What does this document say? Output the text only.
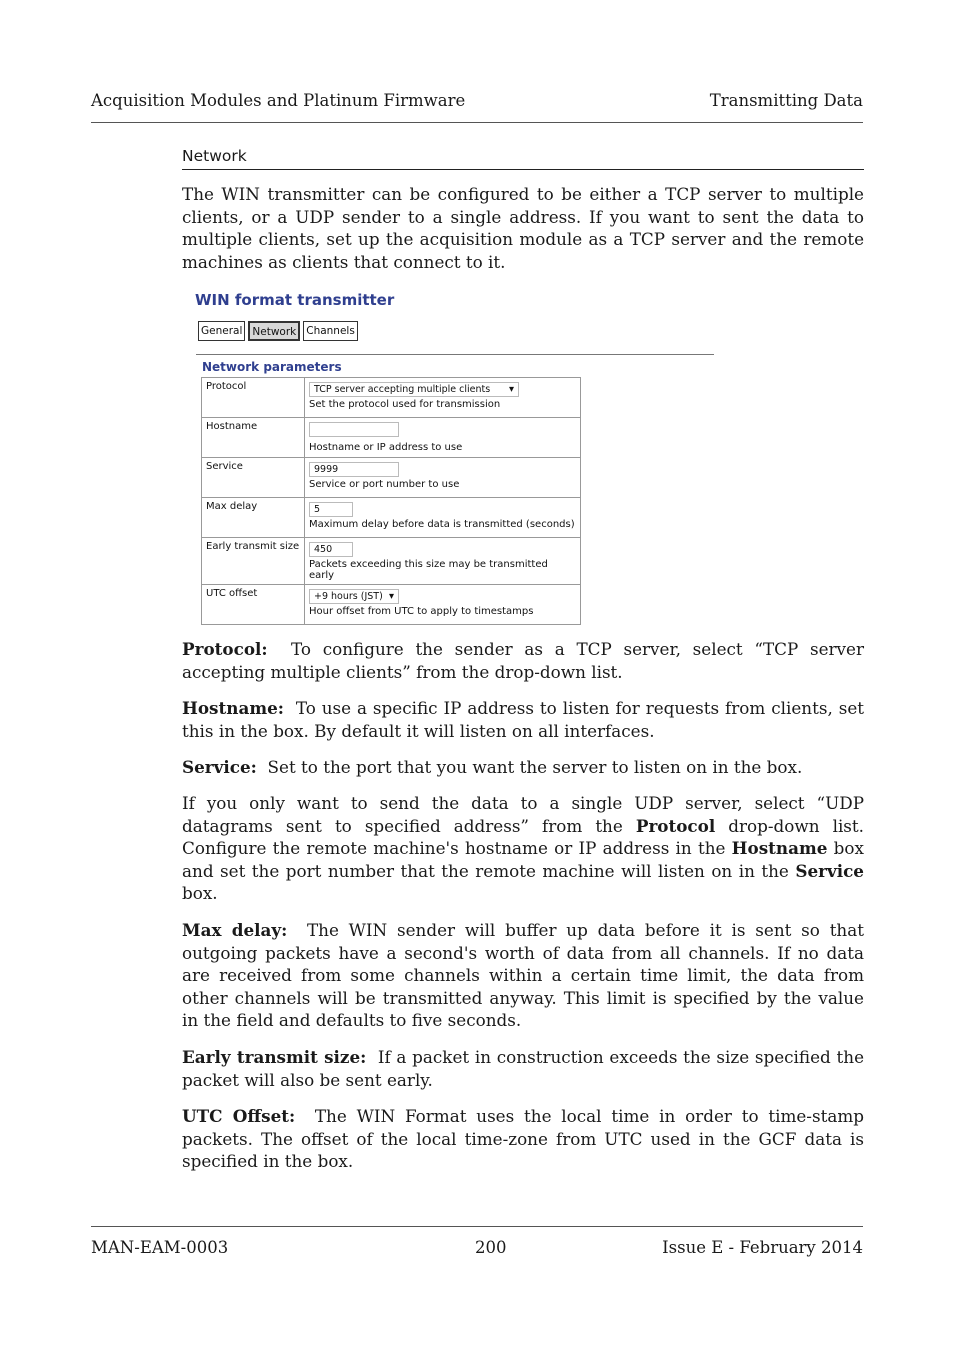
Acquisition Modules and Platinum Firmware	Transmitting Data
Network

The WIN transmitter can be configured to be either a TCP server to multiple clients, or a UDP sender to a single address. If you want to sent the data to multiple clients, set up the acquisition module as a TCP server and the remote machines as clients that connect to it.

WIN format transmitter
General Network Channels
Network parameters
Protocol	TCP server accepting multiple clients ▾
Set the protocol used for transmission

Hostname	Hostname or IP address to use

Service	9999
Service or port number to use

Max delay	5
Maximum delay before data is transmitted (seconds)

Early transmit size	450
Packets exceeding this size may be transmitted early

UTC offset	+9 hours (JST) ▾
Hour offset from UTC to apply to timestamps

Protocol: To configure the sender as a TCP server, select “TCP server accepting multiple clients” from the drop-down list.

Hostname: To use a specific IP address to listen for requests from clients, set this in the box. By default it will listen on all interfaces.

Service: Set to the port that you want the server to listen on in the box.

If you only want to send the data to a single UDP server, select “UDP datagrams sent to specified address” from the Protocol drop-down list. Configure the remote machine's hostname or IP address in the Hostname box and set the port number that the remote machine will listen on in the Service box.

Max delay: The WIN sender will buffer up data before it is sent so that outgoing packets have a second's worth of data from all channels. If no data are received from some channels within a certain time limit, the data from other channels will be transmitted anyway. This limit is specified by the value in the field and defaults to five seconds.

Early transmit size: If a packet in construction exceeds the size specified the packet will also be sent early.

UTC Offset: The WIN Format uses the local time in order to time-stamp packets. The offset of the local time-zone from UTC used in the GCF data is specified in the box.

MAN-EAM-0003	200	Issue E - February 2014
